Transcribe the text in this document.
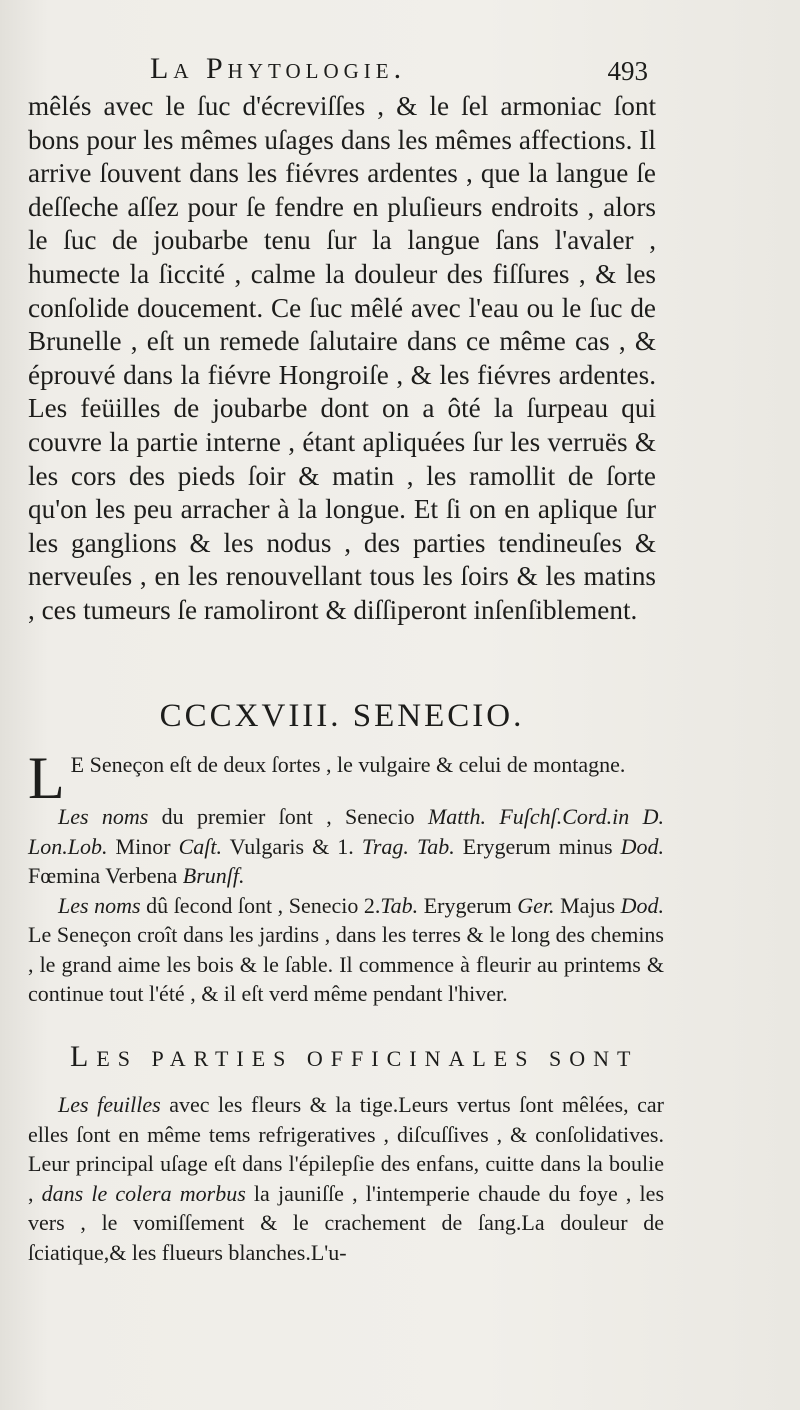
La Phytologie.	493

mêlés avec le ſuc d'écreviſſes , & le ſel armoniac ſont bons pour les mêmes uſages dans les mêmes affections. Il arrive ſouvent dans les fiévres ardentes , que la langue ſe deſſeche aſſez pour ſe fendre en pluſieurs endroits , alors le ſuc de joubarbe tenu ſur la langue ſans l'avaler , humecte la ſiccité , calme la douleur des fiſſures , & les conſolide doucement. Ce ſuc mêlé avec l'eau ou le ſuc de Brunelle , eſt un remede ſalutaire dans ce même cas , & éprouvé dans la fiévre Hongroiſe , & les fiévres ardentes. Les feüilles de joubarbe dont on a ôté la ſurpeau qui couvre la partie interne , étant apliquées ſur les verruës & les cors des pieds ſoir & matin , les ramollit de ſorte qu'on les peu arracher à la longue. Et ſi on en aplique ſur les ganglions & les nodus , des parties tendineuſes & nerveuſes , en les renouvellant tous les ſoirs & les matins , ces tumeurs ſe ramoliront & diſſiperont inſenſiblement.

CCCXVIII. SENECIO.

L E Seneçon eſt de deux ſortes , le vulgaire & celui de montagne.

Les noms du premier ſont , Senecio Matth. Fuſchſ.Cord.in D. Lon.Lob. Minor Caſt. Vulgaris & 1. Trag. Tab. Erygerum minus Dod. Fœmina Verbena Brunſf.

Les noms dû ſecond ſont , Senecio 2.Tab. Erygerum Ger. Majus Dod. Le Seneçon croît dans les jardins , dans les terres & le long des chemins , le grand aime les bois & le ſable. Il commence à fleurir au printems & continue tout l'été , & il eſt verd même pendant l'hiver.

LES PARTIES OFFICINALES SONT

Les feuilles avec les fleurs & la tige.Leurs vertus ſont mêlées, car elles ſont en même tems refrigeratives , diſcuſſives , & conſolidatives. Leur principal uſage eſt dans l'épilepſie des enfans, cuitte dans la boulie , dans le colera morbus la jauniſſe , l'intemperie chaude du foye , les vers , le vomiſſement & le crachement de ſang.La douleur de ſciatique,& les flueurs blanches.L'u-
